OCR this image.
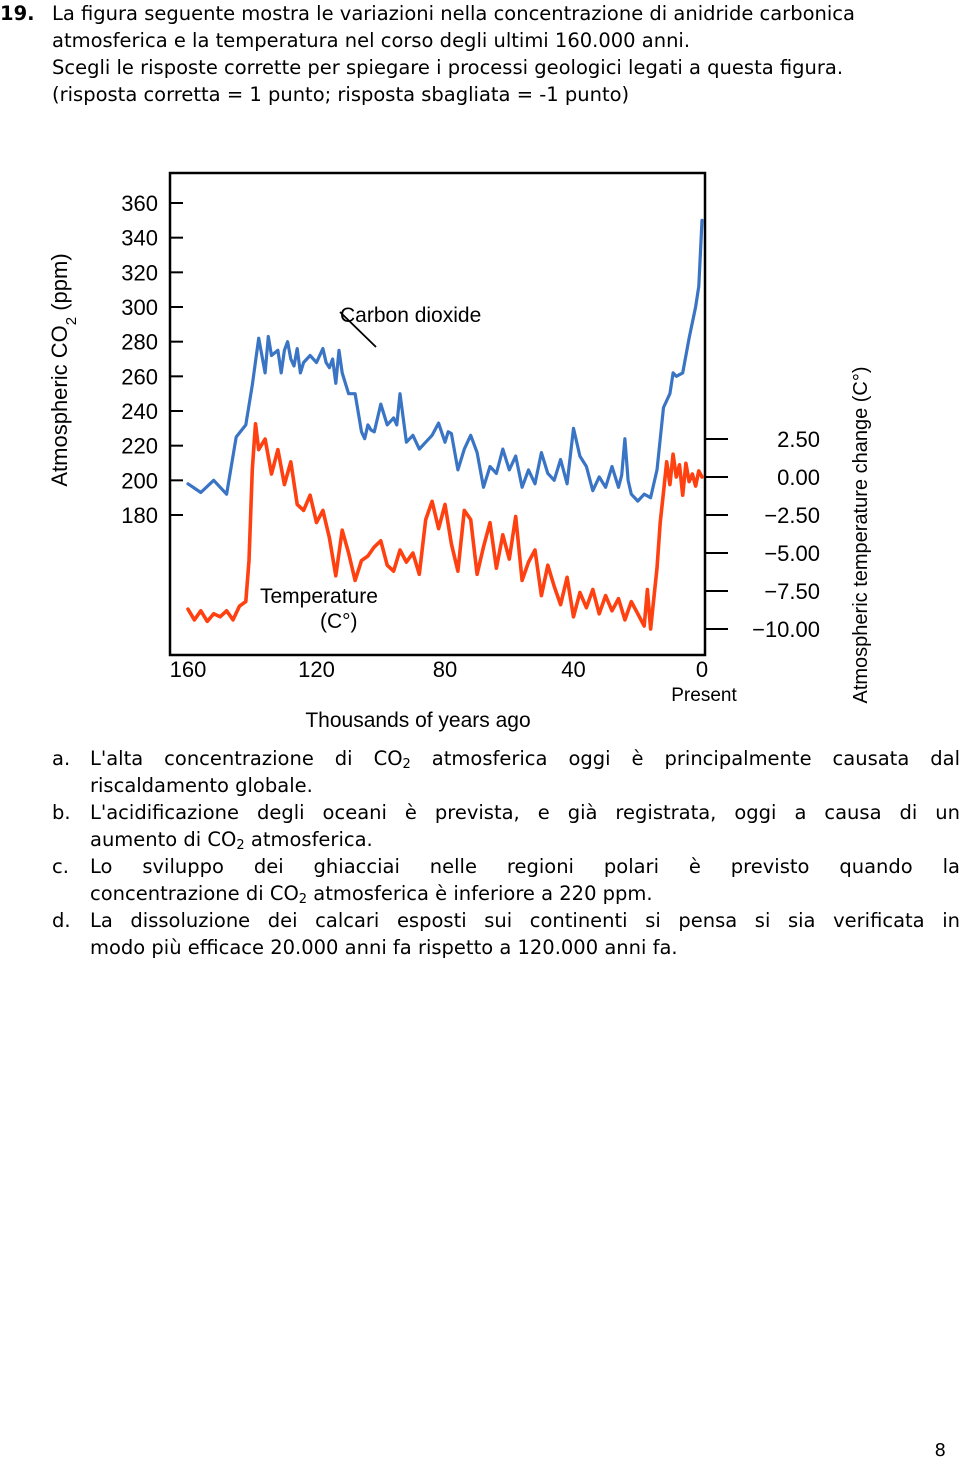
19. La figura seguente mostra le variazioni nella concentrazione di anidride carbonica
atmosferica e la temperatura nel corso degli ultimi 160.000 anni.
Scegli le risposte corrette per spiegare i processi geologici legati a questa figura.
(risposta corretta = 1 punto; risposta sbagliata = -1 punto)
360
340
320
300
280
260
240
220
200
180
2.50
0.00
−2.50
−5.00
−7.50
−10.00
160	120	80	40	0
Carbon dioxide
Temperature
(C°)
Atmospheric $CO_2$ (ppm)
Atmospheric temperature change (C°)
Thousands of years ago
Present
a. L'alta concentrazione di $CO_2$ atmosferica oggi è principalmente causata dal
riscaldamento globale.
b. L'acidificazione degli oceani è prevista, e già registrata, oggi a causa di un
aumento di $CO_2$ atmosferica.
c. Lo sviluppo dei ghiacciai nelle regioni polari è previsto quando la
concentrazione di $CO_2$ atmosferica è inferiore a 220 ppm.
d. La dissoluzione dei calcari esposti sui continenti si pensa si sia verificata in
modo più efficace 20.000 anni fa rispetto a 120.000 anni fa.
8
